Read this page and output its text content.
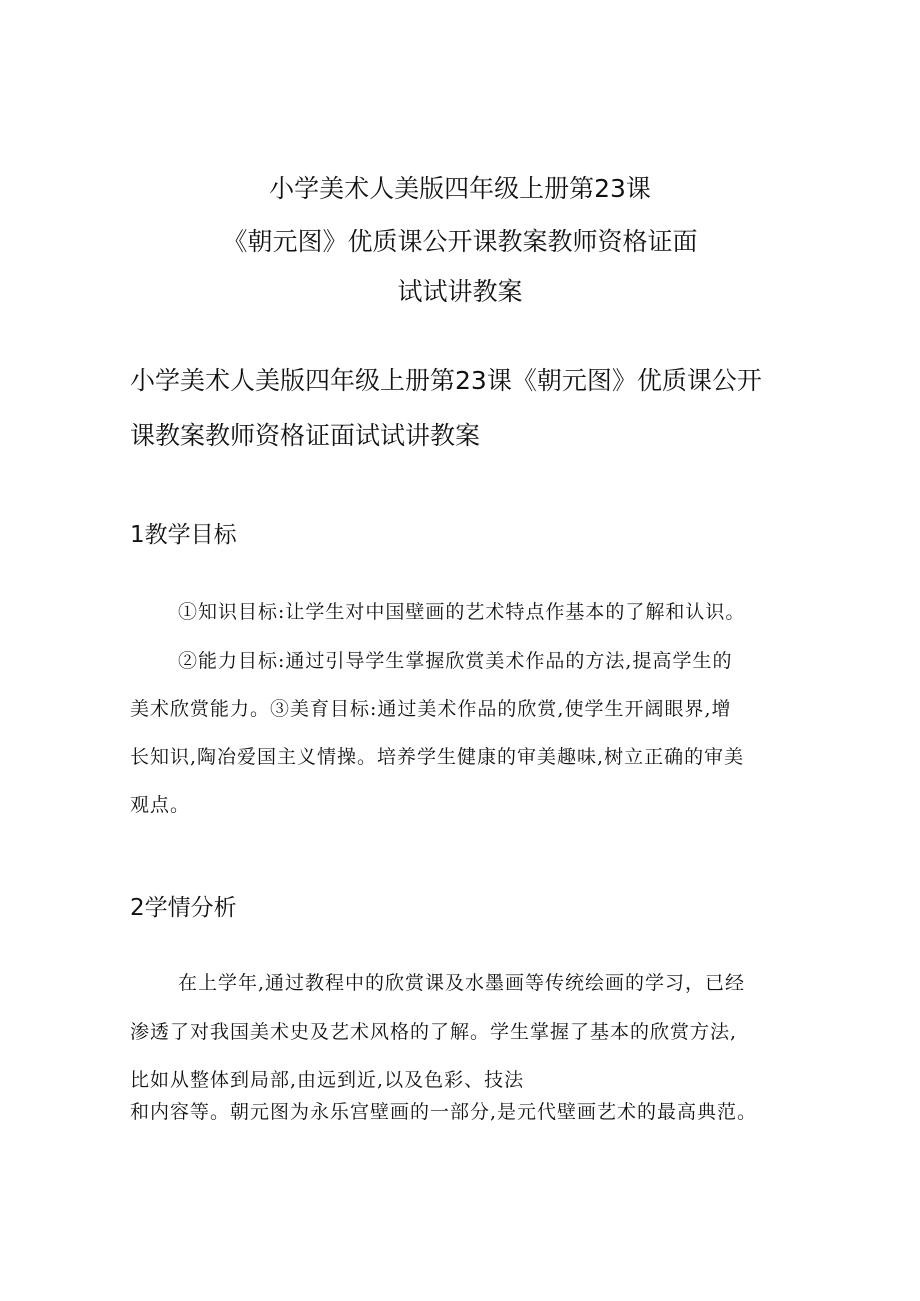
小学美术人美版四年级上册第23课
《朝元图》优质课公开课教案教师资格证面
试试讲教案
小学美术人美版四年级上册第23课《朝元图》优质课公开
课教案教师资格证面试试讲教案
1教学目标
①知识目标:让学生对中国壁画的艺术特点作基本的了解和认识。
②能力目标:通过引导学生掌握欣赏美术作品的方法,提高学生的
美术欣赏能力。③美育目标:通过美术作品的欣赏,使学生开阔眼界,增
长知识,陶冶爱国主义情操。培养学生健康的审美趣味,树立正确的审美
观点。
2学情分析
在上学年,通过教程中的欣赏课及水墨画等传统绘画的学习，已经
渗透了对我国美术史及艺术风格的了解。学生掌握了基本的欣赏方法,
比如从整体到局部,由远到近,以及色彩、技法
和内容等。朝元图为永乐宫壁画的一部分,是元代壁画艺术的最高典范。
